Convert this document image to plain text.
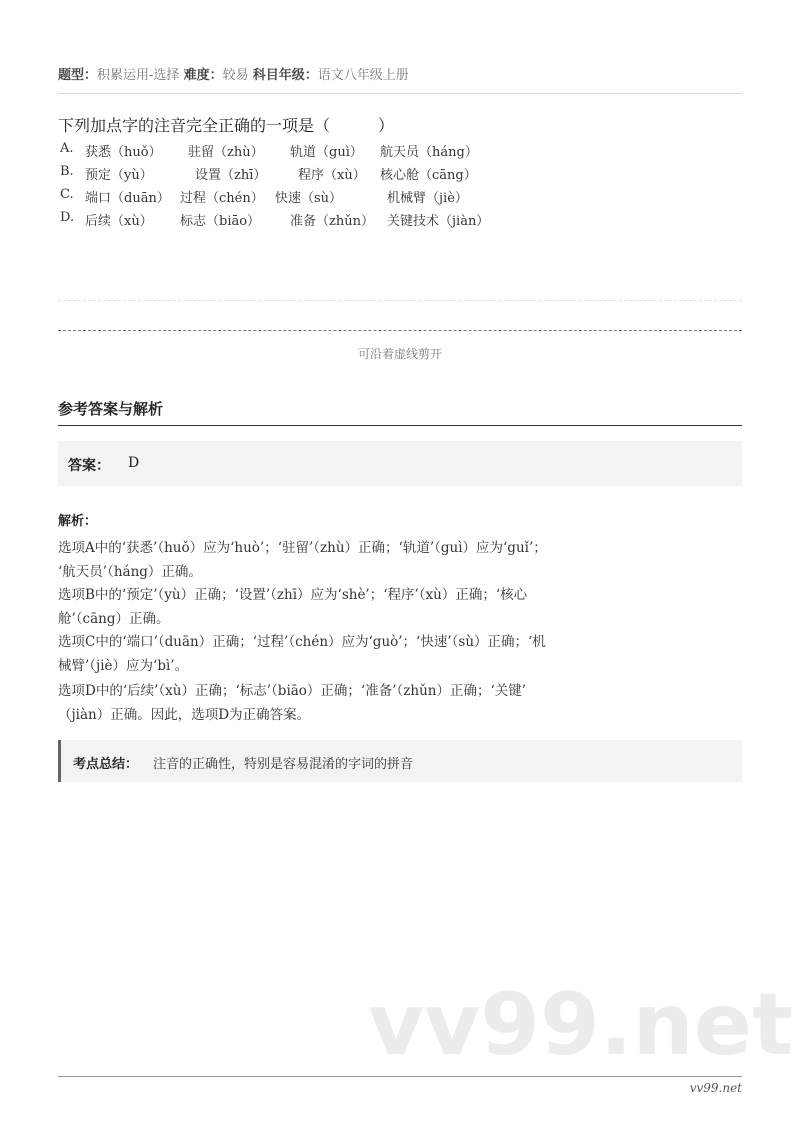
题型：积累运用-选择 难度：较易 科目年级：语文八年级上册
下列加点字的注音完全正确的一项是（　　　）
A. 获悉（huǒ） 驻留（zhù） 轨道（guì） 航天员（háng）
B. 预定（yù）	设置（zhī） 程序（xù） 核心舱（cāng）
C. 端口（duān） 过程（chén） 快速（sù）	机械臂（jiè）
D. 后续（xù） 标志（biāo） 准备（zhǔn） 关键技术（jiàn）
可沿着虚线剪开
参考答案与解析
答案： D
解析：
选项A中的‘获悉’（huǒ）应为‘huò’；‘驻留’（zhù）正确；‘轨道’（guì）应为‘guǐ’；
‘航天员’（háng）正确。
选项B中的‘预定’（yù）正确；‘设置’（zhī）应为‘shè’；‘程序’（xù）正确；‘核心
舱’（cāng）正确。
选项C中的‘端口’（duān）正确；‘过程’（chén）应为‘guò’；‘快速’（sù）正确；‘机
械臂’（jiè）应为‘bì’。
选项D中的‘后续’（xù）正确；‘标志’（biāo）正确；‘准备’（zhǔn）正确；‘关键’
（jiàn）正确。因此，选项D为正确答案。
考点总结： 注音的正确性，特别是容易混淆的字词的拼音
vv99.net
vv99.net
